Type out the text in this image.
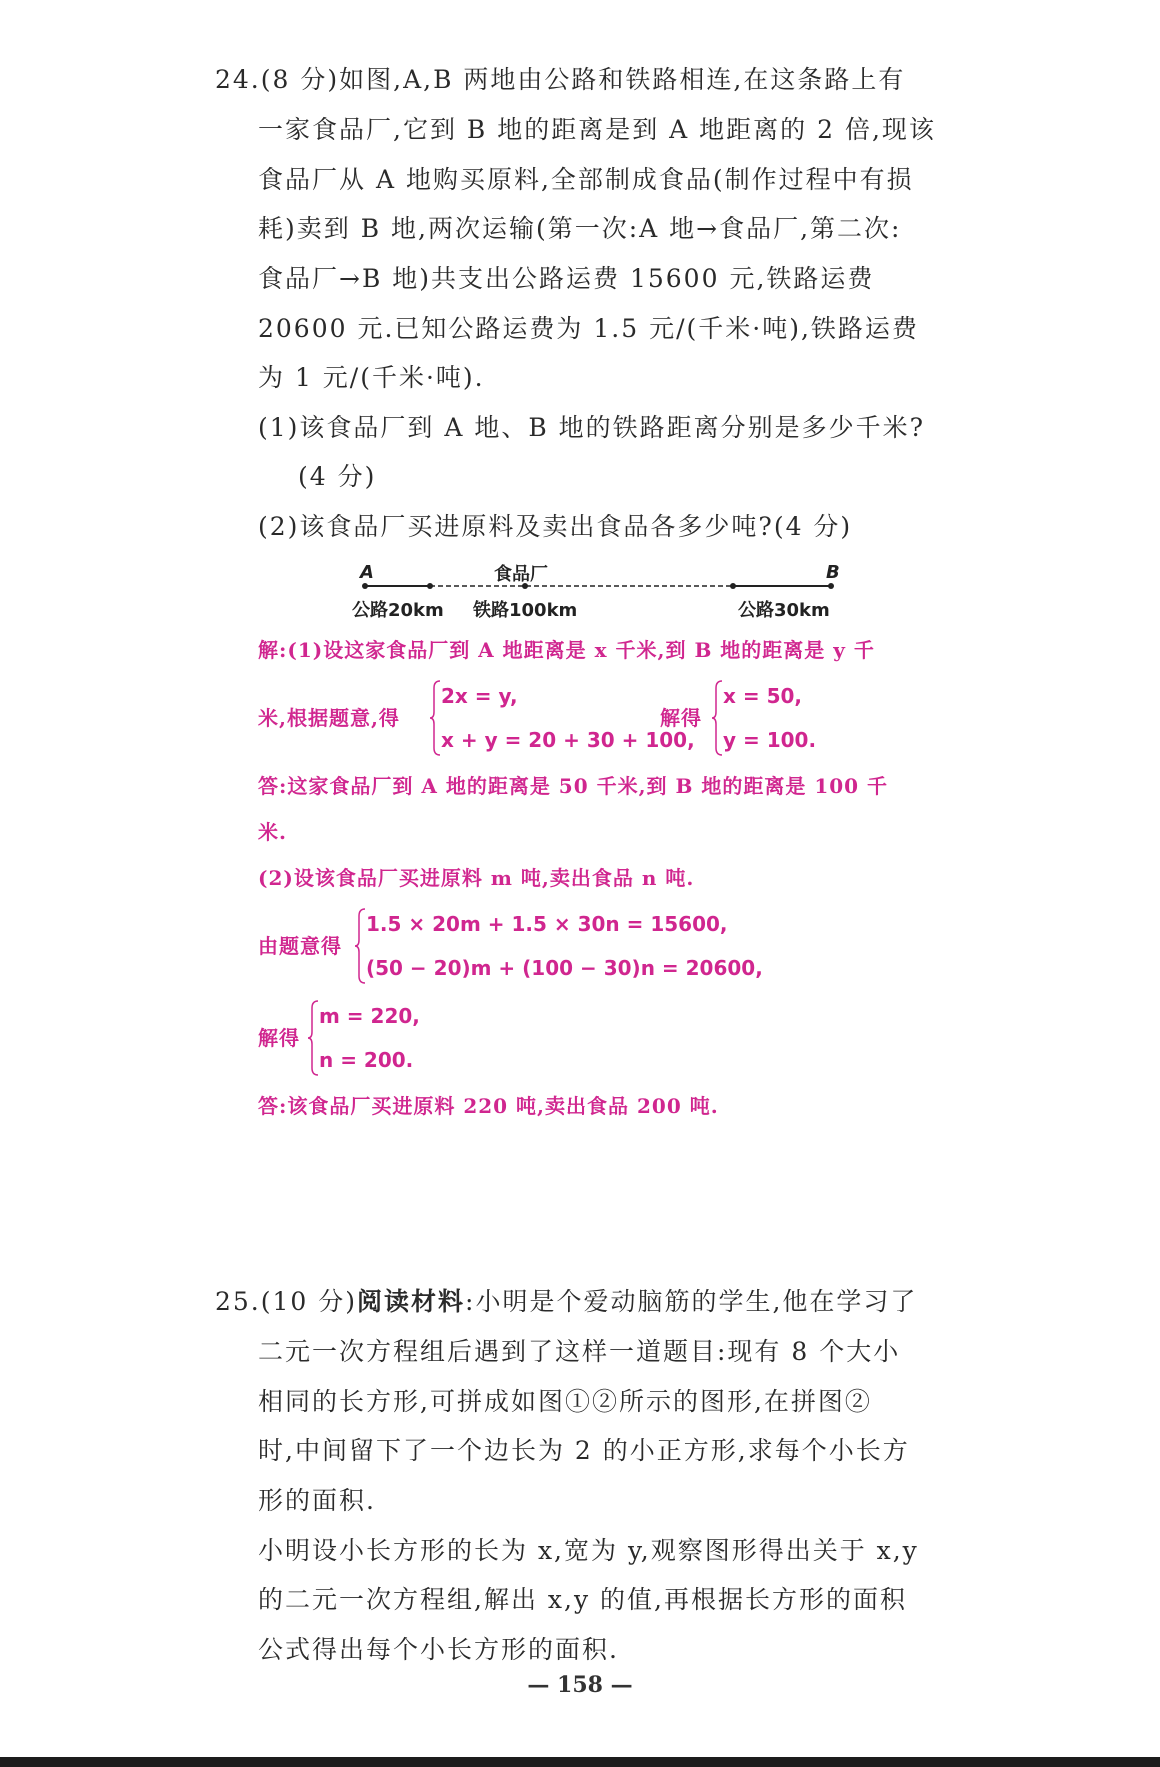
24.(8 分)如图,A,B 两地由公路和铁路相连,在这条路上有
一家食品厂,它到 B 地的距离是到 A 地距离的 2 倍,现该
食品厂从 A 地购买原料,全部制成食品(制作过程中有损
耗)卖到 B 地,两次运输(第一次:A 地→食品厂,第二次:
食品厂→B 地)共支出公路运费 15600 元,铁路运费
20600 元.已知公路运费为 1.5 元/(千米·吨),铁路运费
为 1 元/(千米·吨).
(1)该食品厂到 A 地、B 地的铁路距离分别是多少千米?
(4 分)
(2)该食品厂买进原料及卖出食品各多少吨?(4 分)
A	食品厂	B
公路20km 铁路100km	公路30km
解:(1)设这家食品厂到 A 地距离是 x 千米,到 B 地的距离是 y 千
米,根据题意,得
2x = y,
x + y = 20 + 30 + 100,
解得
x = 50,
y = 100.
答:这家食品厂到 A 地的距离是 50 千米,到 B 地的距离是 100 千
米.
(2)设该食品厂买进原料 m 吨,卖出食品 n 吨.
由题意得
1.5 × 20m + 1.5 × 30n = 15600,
(50 − 20)m + (100 − 30)n = 20600,
解得
m = 220,
n = 200.
答:该食品厂买进原料 220 吨,卖出食品 200 吨.
25.(10 分)阅读材料:小明是个爱动脑筋的学生,他在学习了
二元一次方程组后遇到了这样一道题目:现有 8 个大小
相同的长方形,可拼成如图①②所示的图形,在拼图②
时,中间留下了一个边长为 2 的小正方形,求每个小长方
形的面积.
小明设小长方形的长为 x,宽为 y,观察图形得出关于 x,y
的二元一次方程组,解出 x,y 的值,再根据长方形的面积
公式得出每个小长方形的面积.
— 158 —
